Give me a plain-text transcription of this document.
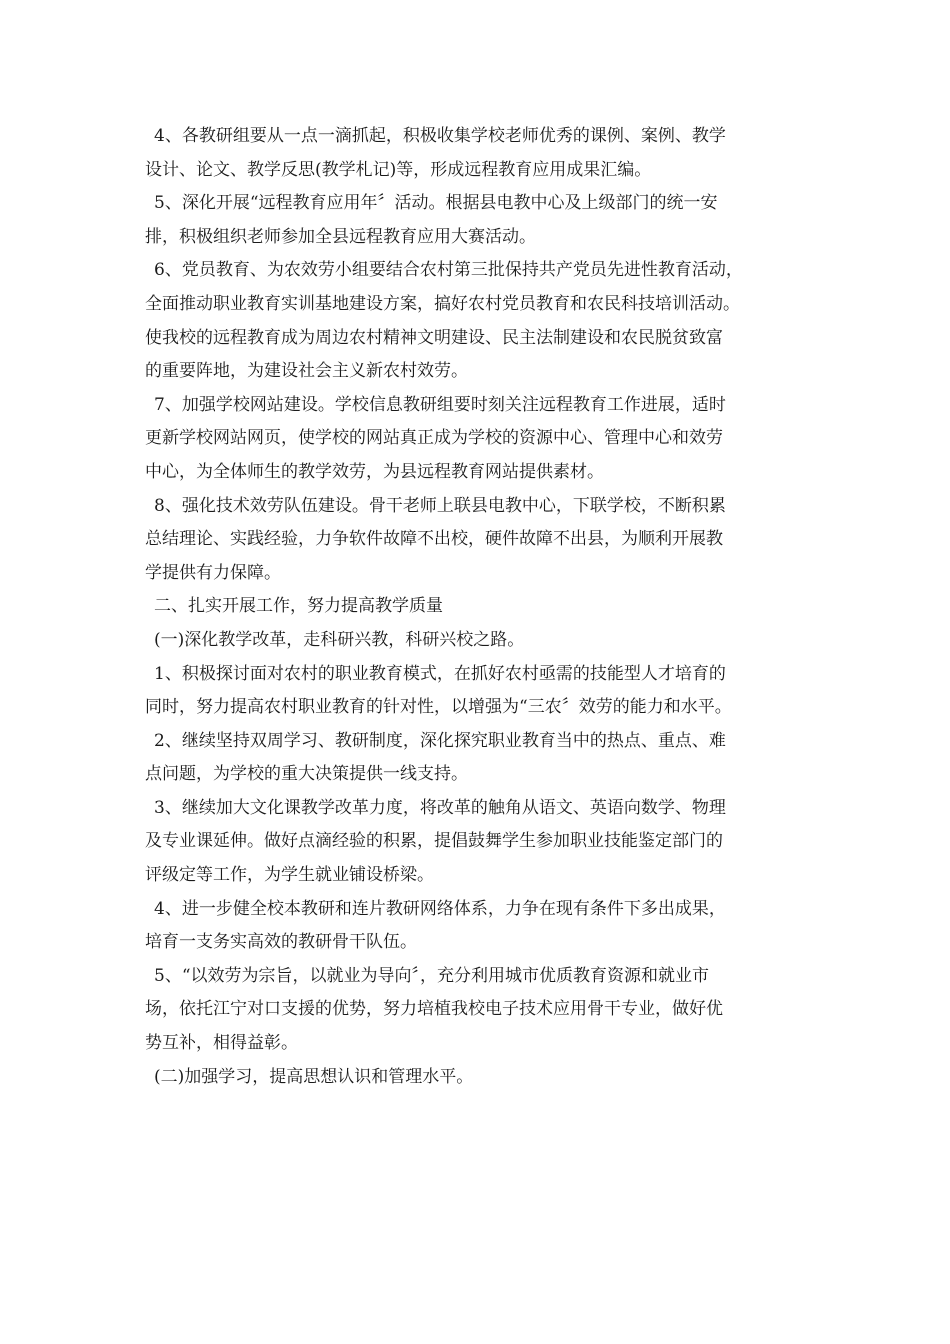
4、各教研组要从一点一滴抓起，积极收集学校老师优秀的课例、案例、教学
设计、论文、教学反思(教学札记)等，形成远程教育应用成果汇编。

5、深化开展“远程教育应用年〞活动。根据县电教中心及上级部门的统一安
排，积极组织老师参加全县远程教育应用大赛活动。

6、党员教育、为农效劳小组要结合农村第三批保持共产党员先进性教育活动，
全面推动职业教育实训基地建设方案，搞好农村党员教育和农民科技培训活动。
使我校的远程教育成为周边农村精神文明建设、民主法制建设和农民脱贫致富
的重要阵地，为建设社会主义新农村效劳。

7、加强学校网站建设。学校信息教研组要时刻关注远程教育工作进展，适时
更新学校网站网页，使学校的网站真正成为学校的资源中心、管理中心和效劳
中心，为全体师生的教学效劳，为县远程教育网站提供素材。

8、强化技术效劳队伍建设。骨干老师上联县电教中心，下联学校，不断积累
总结理论、实践经验，力争软件故障不出校，硬件故障不出县，为顺利开展教
学提供有力保障。

二、扎实开展工作，努力提高教学质量

(一)深化教学改革，走科研兴教，科研兴校之路。

1、积极探讨面对农村的职业教育模式，在抓好农村亟需的技能型人才培育的
同时，努力提高农村职业教育的针对性，以增强为“三农〞效劳的能力和水平。

2、继续坚持双周学习、教研制度，深化探究职业教育当中的热点、重点、难
点问题，为学校的重大决策提供一线支持。

3、继续加大文化课教学改革力度，将改革的触角从语文、英语向数学、物理
及专业课延伸。做好点滴经验的积累，提倡鼓舞学生参加职业技能鉴定部门的
评级定等工作，为学生就业铺设桥梁。

4、进一步健全校本教研和连片教研网络体系，力争在现有条件下多出成果，
培育一支务实高效的教研骨干队伍。

5、“以效劳为宗旨，以就业为导向〞，充分利用城市优质教育资源和就业市
场，依托江宁对口支援的优势，努力培植我校电子技术应用骨干专业，做好优
势互补，相得益彰。

(二)加强学习，提高思想认识和管理水平。
